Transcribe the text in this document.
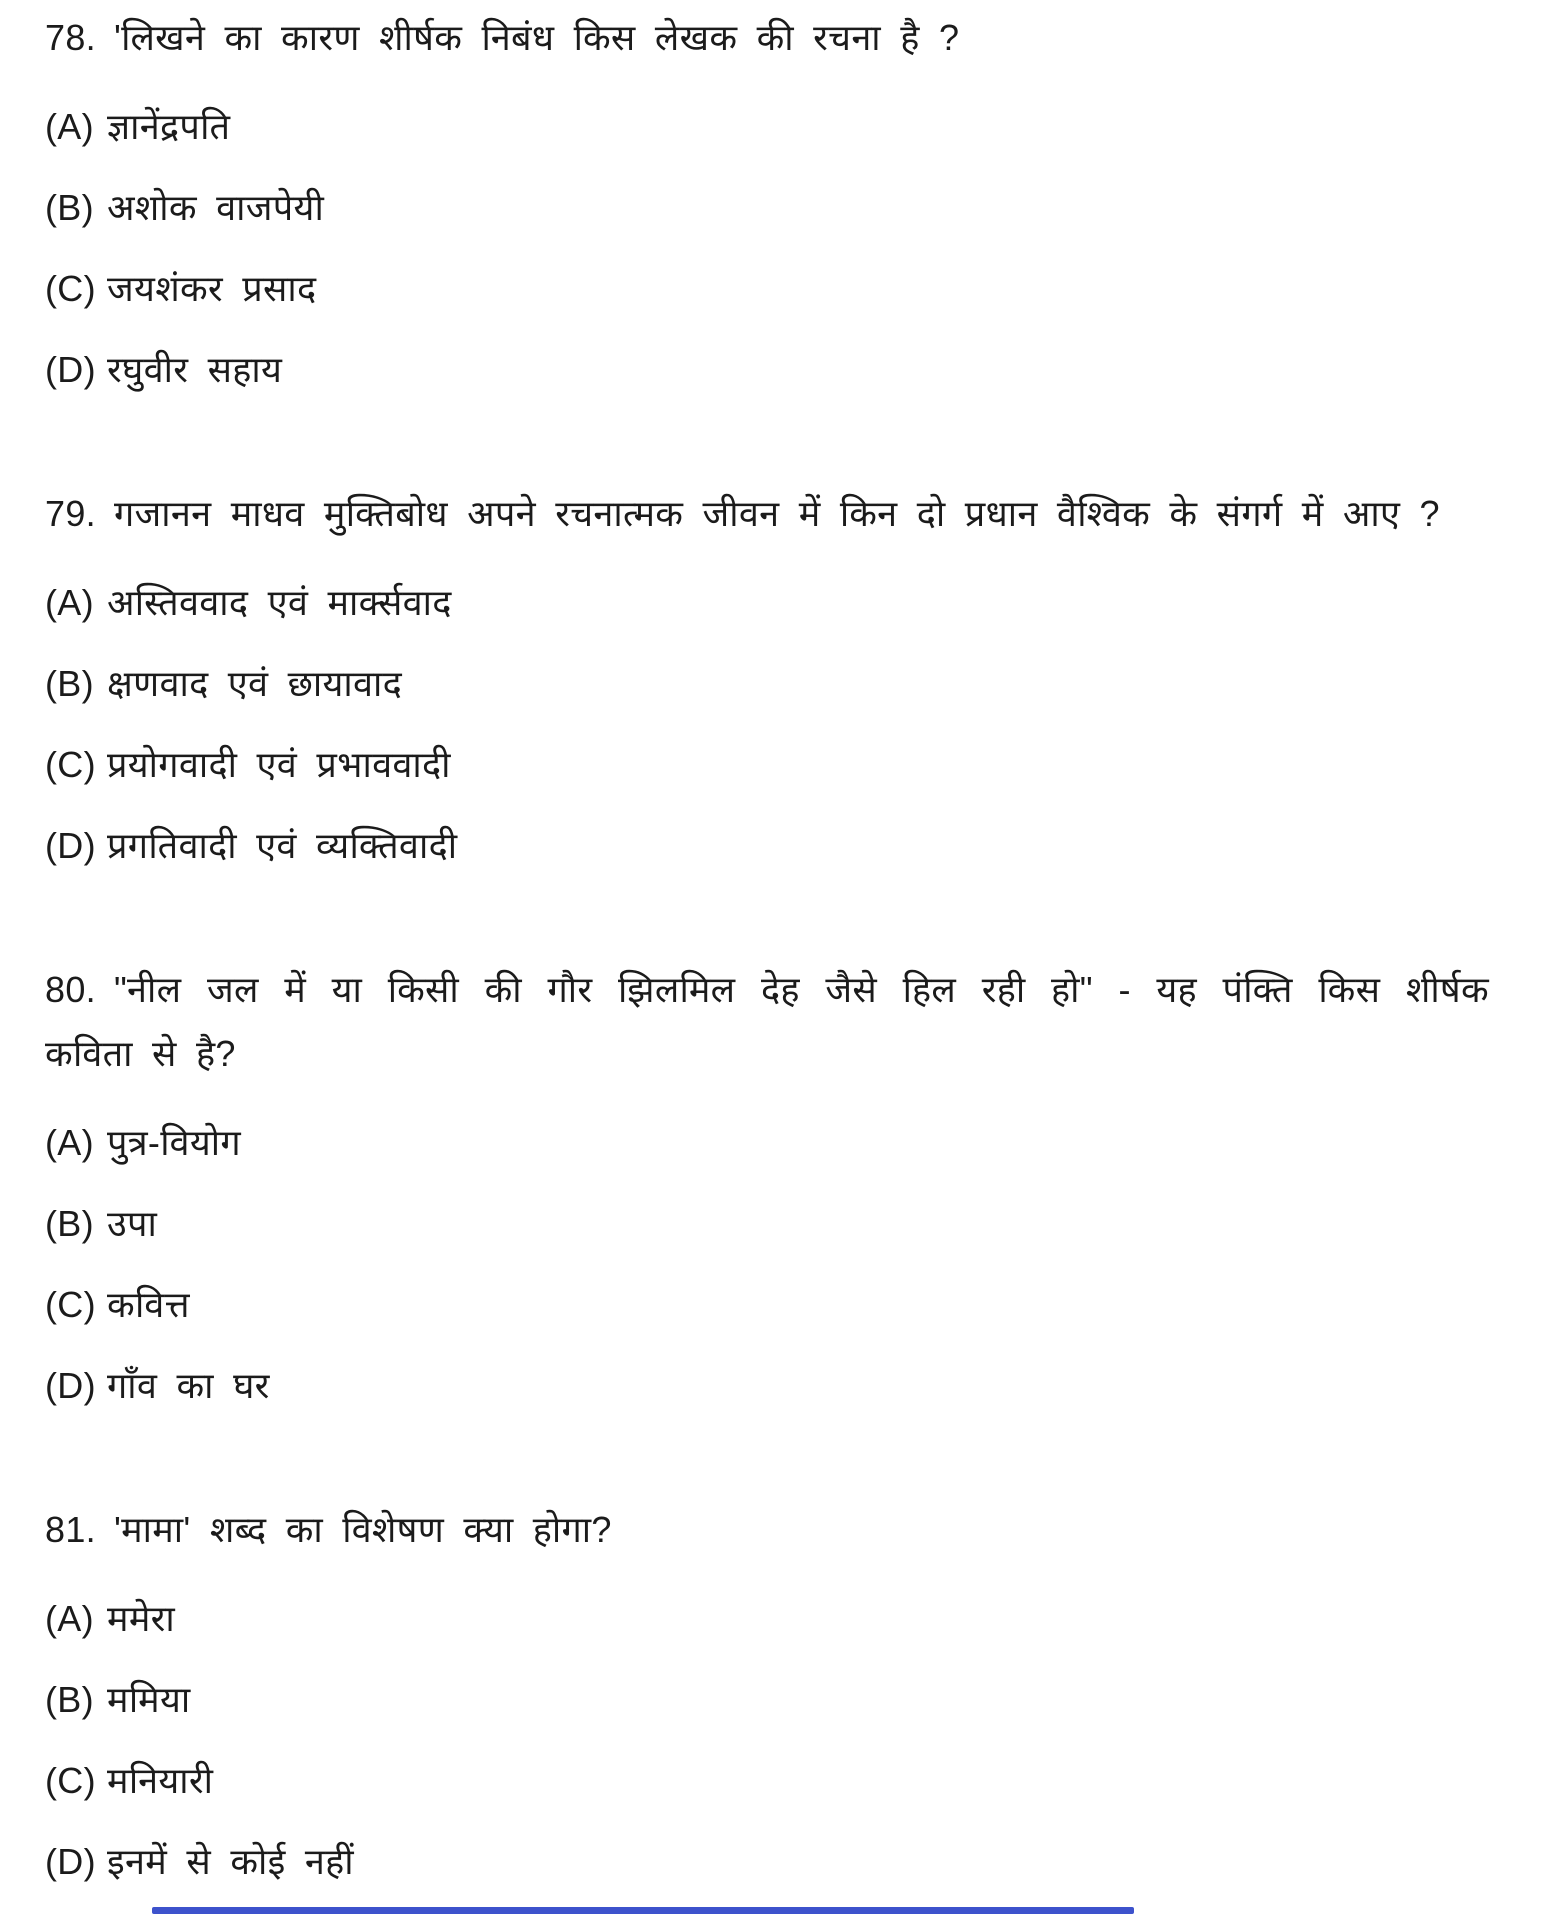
78. 'लिखने का कारण शीर्षक निबंध किस लेखक की रचना है ?

(A) ज्ञानेंद्रपति
(B) अशोक वाजपेयी
(C) जयशंकर प्रसाद
(D) रघुवीर सहाय

79. गजानन माधव मुक्तिबोध अपने रचनात्मक जीवन में किन दो प्रधान वैश्विक के संगर्ग में आए ?

(A) अस्तिववाद एवं मार्क्सवाद
(B) क्षणवाद एवं छायावाद
(C) प्रयोगवादी एवं प्रभाववादी
(D) प्रगतिवादी एवं व्यक्तिवादी

80. "नील जल में या किसी की गौर झिलमिल देह जैसे हिल रही हो" - यह पंक्ति किस शीर्षक कविता से है?

(A) पुत्र-वियोग
(B) उपा
(C) कवित्त
(D) गाँव का घर

81. 'मामा' शब्द का विशेषण क्या होगा?

(A) ममेरा
(B) ममिया
(C) मनियारी
(D) इनमें से कोई नहीं
